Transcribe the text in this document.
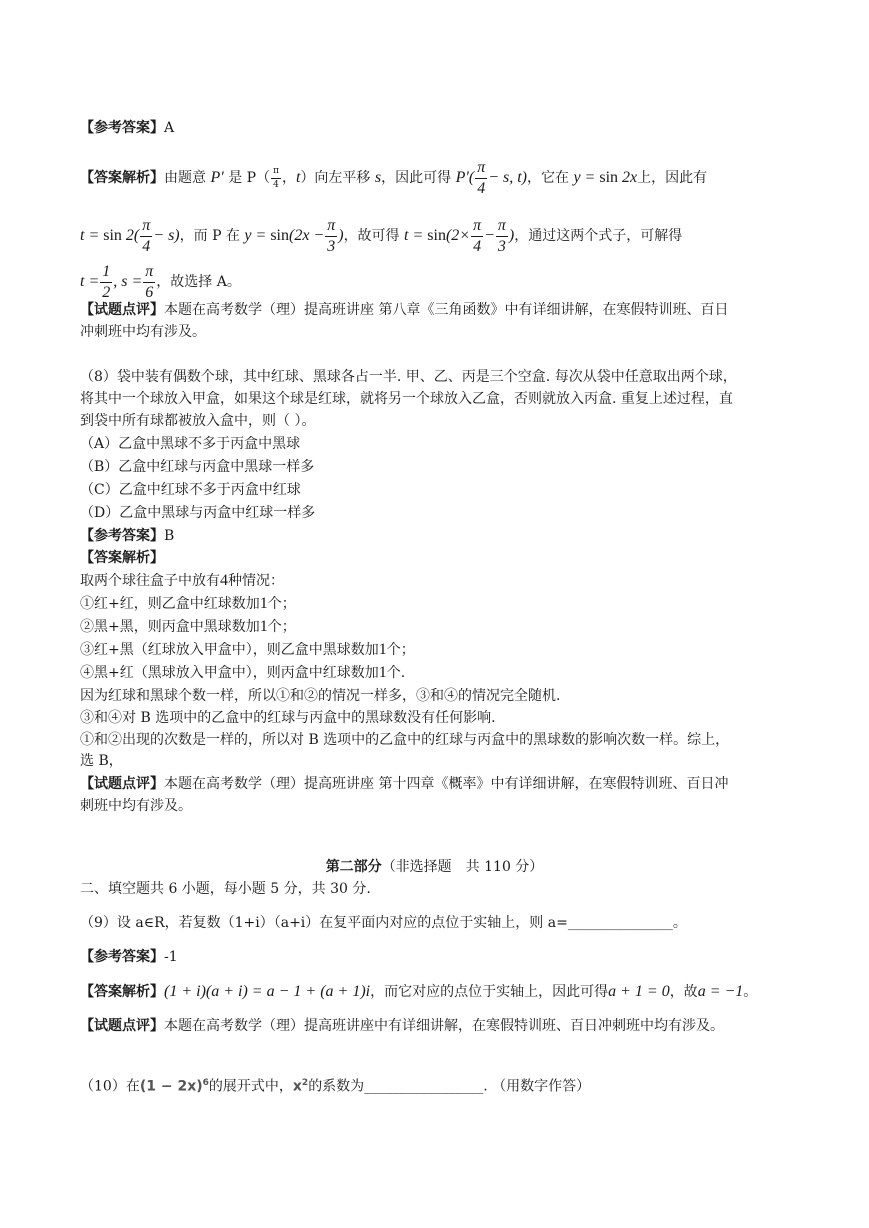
【参考答案】A
【答案解析】由题意 P′ 是 $P( \frac{\pi}{4}$ ，t）向左平移 s，因此可得 $P'( \frac{\pi}{4} - s$, t)，它在 y = sin 2x上，因此有
$t = \sin 2( \frac{\pi}{4} - s)$，而 P 在 $y = \sin(2x - \frac{\pi}{3}$ )，故可得 $t = \sin(2\times \frac{\pi}{4} - \frac{\pi}{3}$ )，通过这两个式子，可解得
$t = \frac{1}{2}$ , $s = \frac{\pi}{6}$ ，故选择 A。
【试题点评】本题在高考数学（理）提高班讲座 第八章《三角函数》中有详细讲解，在寒假特训班、百日
冲刺班中均有涉及。
（8）袋中装有偶数个球，其中红球、黑球各占一半. 甲、乙、丙是三个空盒. 每次从袋中任意取出两个球，
将其中一个球放入甲盒，如果这个球是红球，就将另一个球放入乙盒，否则就放入丙盒. 重复上述过程，直
到袋中所有球都被放入盒中，则（ ）。
（A）乙盒中黑球不多于丙盒中黑球
（B）乙盒中红球与丙盒中黑球一样多
（C）乙盒中红球不多于丙盒中红球
（D）乙盒中黑球与丙盒中红球一样多
【参考答案】B
【答案解析】
取两个球往盒子中放有4种情况：
①红+红，则乙盒中红球数加1个；
②黑+黑，则丙盒中黑球数加1个；
③红+黑（红球放入甲盒中），则乙盒中黑球数加1个；
④黑+红（黑球放入甲盒中），则丙盒中红球数加1个.
因为红球和黑球个数一样，所以①和②的情况一样多，③和④的情况完全随机.
③和④对 B 选项中的乙盒中的红球与丙盒中的黑球数没有任何影响.
①和②出现的次数是一样的，所以对 B 选项中的乙盒中的红球与丙盒中的黑球数的影响次数一样。综上，
选 B，
【试题点评】本题在高考数学（理）提高班讲座 第十四章《概率》中有详细讲解，在寒假特训班、百日冲
刺班中均有涉及。
第二部分（非选择题　共 110 分）
二、填空题共 6 小题，每小题 5 分，共 30 分.
（9）设 a∈R，若复数（1+i）（a+i）在复平面内对应的点位于实轴上，则 a=_______________。
【参考答案】-1
【答案解析】(1 + i)(a + i) = a − 1 + (a + 1)i，而它对应的点位于实轴上，因此可得a + 1 = 0，故a = −1。
【试题点评】本题在高考数学（理）提高班讲座中有详细讲解，在寒假特训班、百日冲刺班中均有涉及。
（10）在$(1 - 2x)^6$的展开式中，$x^2$的系数为_________________. （用数字作答）
